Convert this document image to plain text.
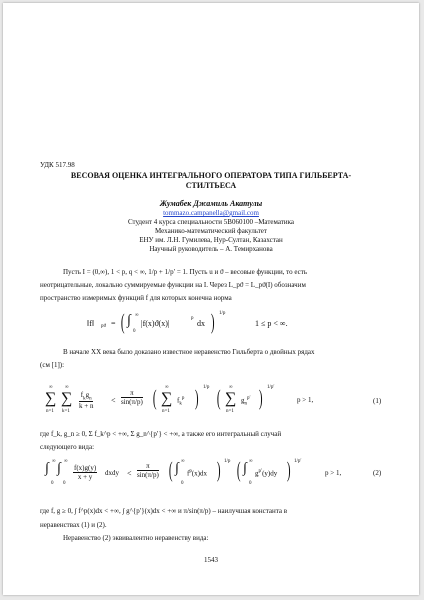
УДК 517.98
ВЕСОВАЯ ОЦЕНКА ИНТЕГРАЛЬНОГО ОПЕРАТОРА ТИПА ГИЛЬБЕРТА-
СТИЛТЬЕСА
Жумабек Джамиль Акатулы
tommazo.campanella@gmail.com
Студент 4 курса специальности 5В060100 –Математика
Механико-математический факультет
ЕНУ им. Л.Н. Гумилева, Нур-Султан, Казахстан
Научный руководитель – А. Темирханова
Пусть I = (0,∞), 1 < p, q < ∞, 1/p + 1/p′ = 1. Пусть u и ϑ – весовые функции, то есть
неотрицательные, локально суммируемые функции на I. Через L_pϑ = L_pϑ(I) обозначим
пространство измеримых функций f для которых конечна норма
‖f‖ pϑ = ( ∞
∫
0
|f(x)ϑ(x)|
p
dx ) 1/p
1 ≤ p < ∞.
В начале XX века было доказано известное неравенство Гильберта о двойных рядах
(см [1]):
∞
∑
n=1
∞
∑
k=1
$f_kg_n$
k + n
< $\frac{\pi}{\sin(\pi/p)}$ ( ∞
∑
n=1
$f_k^p$ ) 1/p ( ∞
∑
n=1
$g_n^{p'}$ ) 1/p′
p > 1,	(1)
где f_k, g_n ≥ 0, Σ f_k^p < +∞, Σ g_n^{p′} < +∞, а также его интегральный случай
следующего вида:
∞
∫
0
∞
∫
0
$\frac{f(x)g(y)}{x + y}$ dxdy < $\frac{\pi}{\sin(\pi/p)}$ ( ∞
∫
0
$f^p(x)dx$ ) 1/p ( ∞
∫
0
$g^{p'}(y)dy$ ) 1/p′
p > 1,	(2)
где f, g ≥ 0, ∫ f^p(x)dx < +∞, ∫ g^{p′}(x)dx < +∞ и π/sin(π/p) – наилучшая константа в
неравенствах (1) и (2).
Неравенство (2) эквивалентно неравенству вида:
1543
